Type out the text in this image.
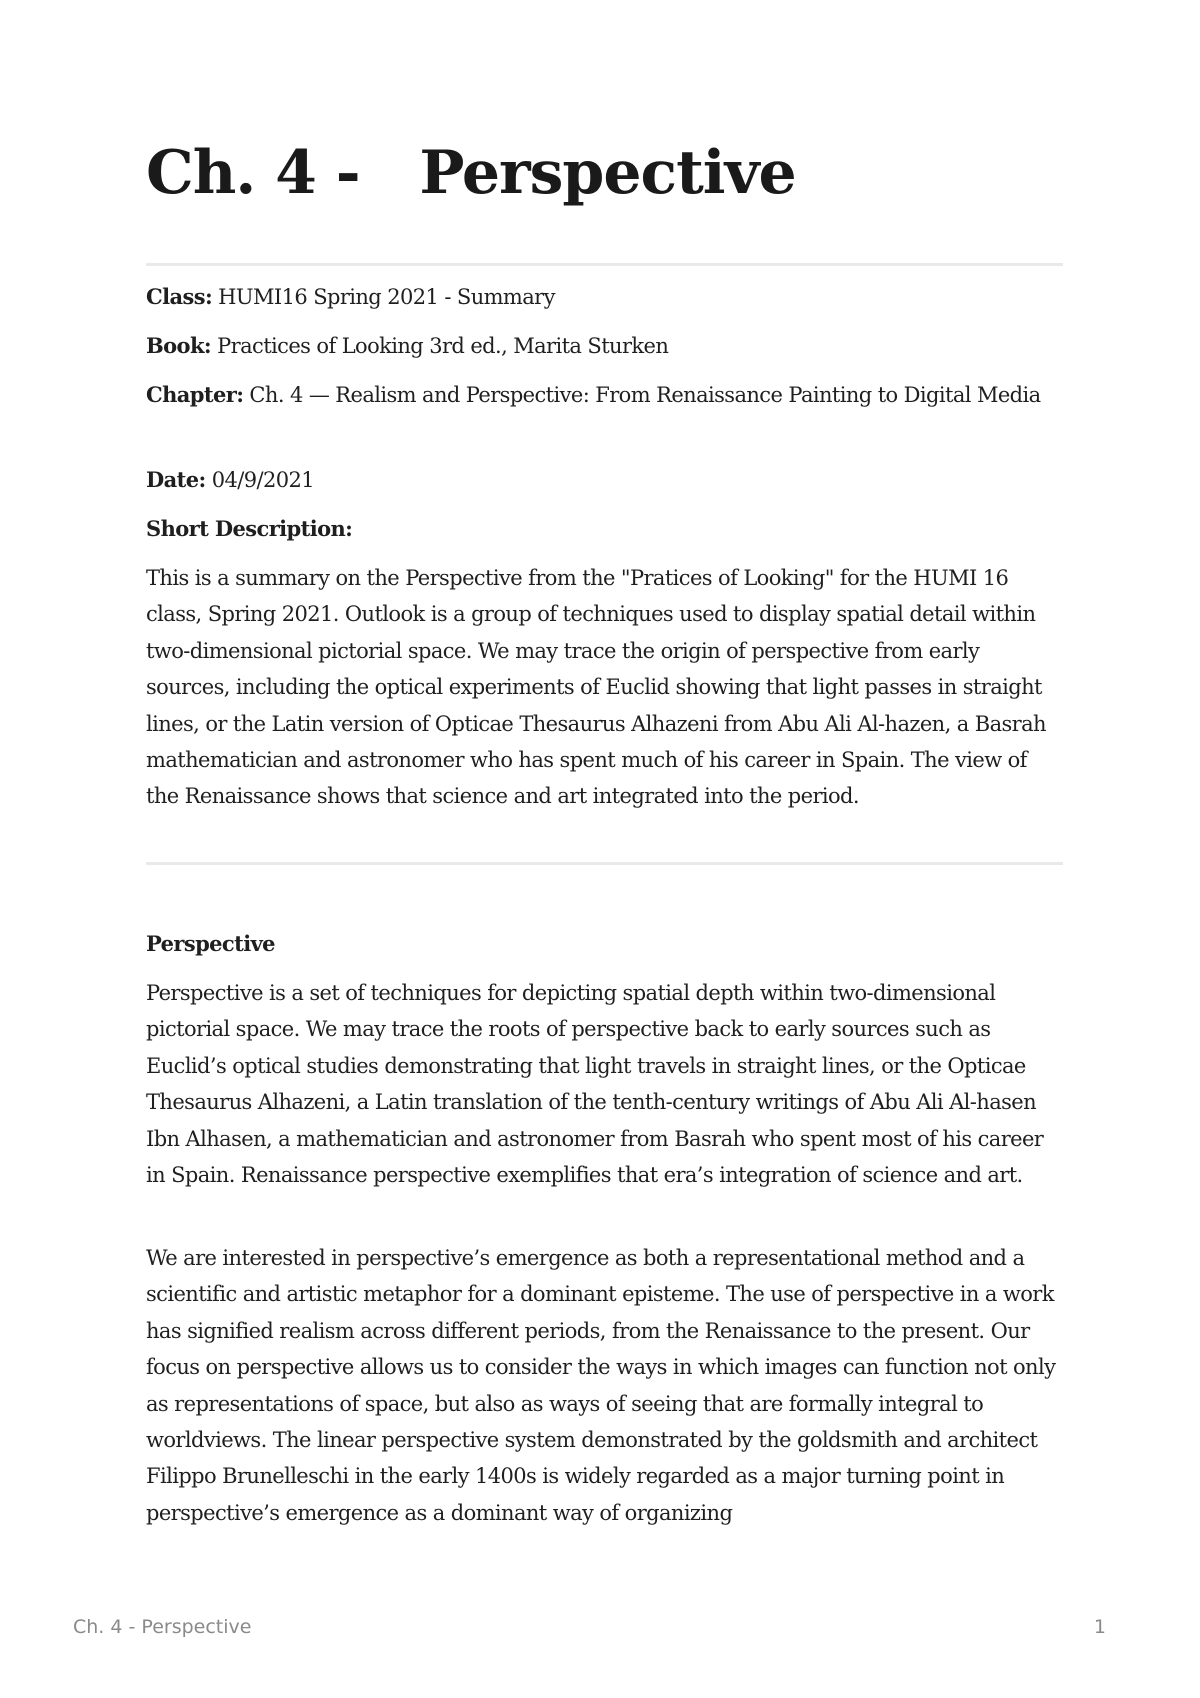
Ch. 4 -   Perspective

Class: HUMI16 Spring 2021 - Summary

Book: Practices of Looking 3rd ed., Marita Sturken

Chapter: Ch. 4 — Realism and Perspective: From Renaissance Painting to Digital Media

Date: 04/9/2021

Short Description:

This is a summary on the Perspective from the "Pratices of Looking" for the HUMI 16 class, Spring 2021. Outlook is a group of techniques used to display spatial detail within two-dimensional pictorial space. We may trace the origin of perspective from early sources, including the optical experiments of Euclid showing that light passes in straight lines, or the Latin version of Opticae Thesaurus Alhazeni from Abu Ali Al-hazen, a Basrah mathematician and astronomer who has spent much of his career in Spain. The view of the Renaissance shows that science and art integrated into the period.

Perspective

Perspective is a set of techniques for depicting spatial depth within two-dimensional pictorial space. We may trace the roots of perspective back to early sources such as Euclid’s optical studies demonstrating that light travels in straight lines, or the Opticae Thesaurus Alhazeni, a Latin translation of the tenth-century writings of Abu Ali Al-hasen Ibn Alhasen, a mathematician and astronomer from Basrah who spent most of his career in Spain. Renaissance perspective exemplifies that era’s integration of science and art.

We are interested in perspective’s emergence as both a representational method and a scientific and artistic metaphor for a dominant episteme. The use of perspective in a work has signified realism across different periods, from the Renaissance to the present. Our focus on perspective allows us to consider the ways in which images can function not only as representations of space, but also as ways of seeing that are formally integral to worldviews. The linear perspective system demonstrated by the goldsmith and architect Filippo Brunelleschi in the early 1400s is widely regarded as a major turning point in perspective’s emergence as a dominant way of organizing

Ch. 4 - Perspective	1
